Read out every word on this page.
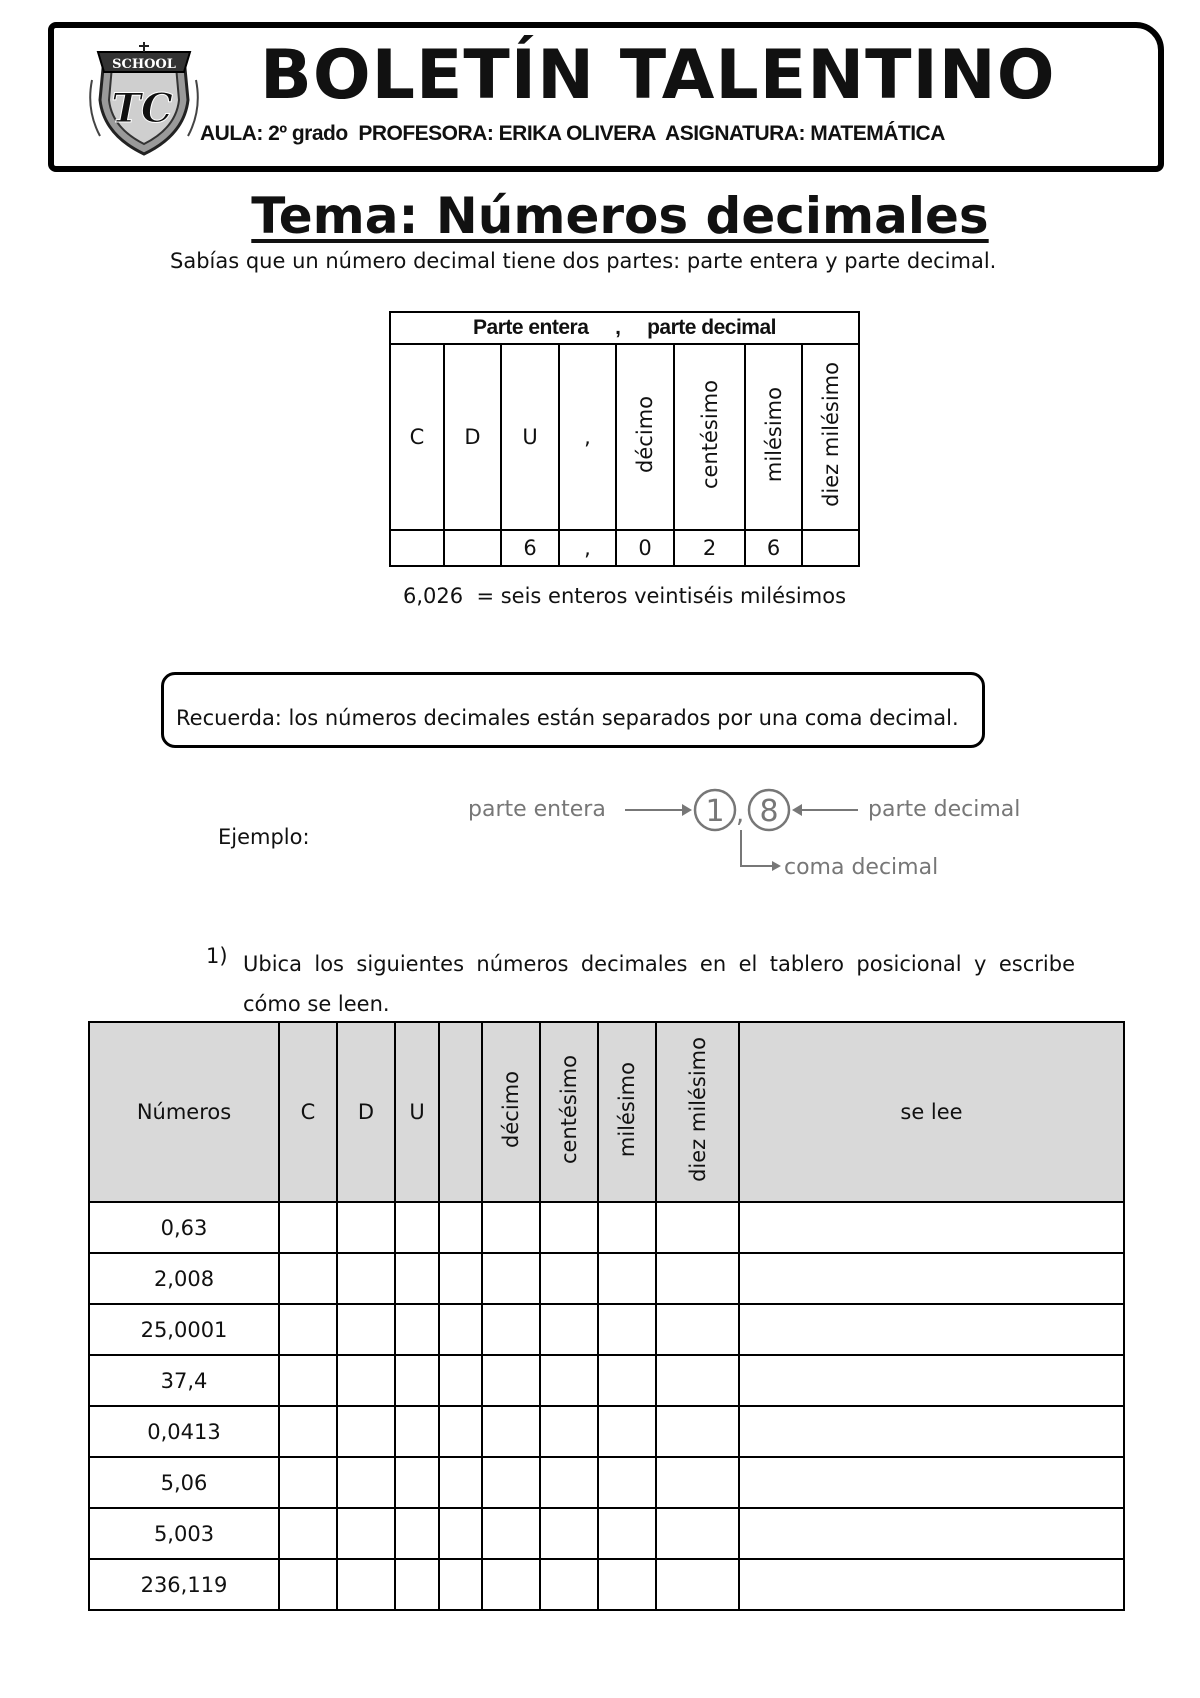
SCHOOL
TC BOLETÍN TALENTINO
AULA: 2º grado  PROFESORA: ERIKA OLIVERA  ASIGNATURA: MATEMÁTICA
Tema: Números decimales
Sabías que un número decimal tiene dos partes: parte entera y parte decimal.
Parte entera     ,     parte decimal							
C	D	U	,	décimo	centésimo	milésimo	diez milésimo
		6	,	0	2	6	
6,026  = seis enteros veintiséis milésimos
Recuerda: los números decimales están separados por una coma decimal.
Ejemplo:
parte entera	1 , 8	parte decimal
coma decimal
1) Ubica los siguientes números decimales en el tablero posicional y escribe cómo se leen.
Números	C	D	U		décimo	centésimo	milésimo	diez milésimo	se lee
0,63									
2,008									
25,0001									
37,4									
0,0413									
5,06									
5,003									
236,119									
